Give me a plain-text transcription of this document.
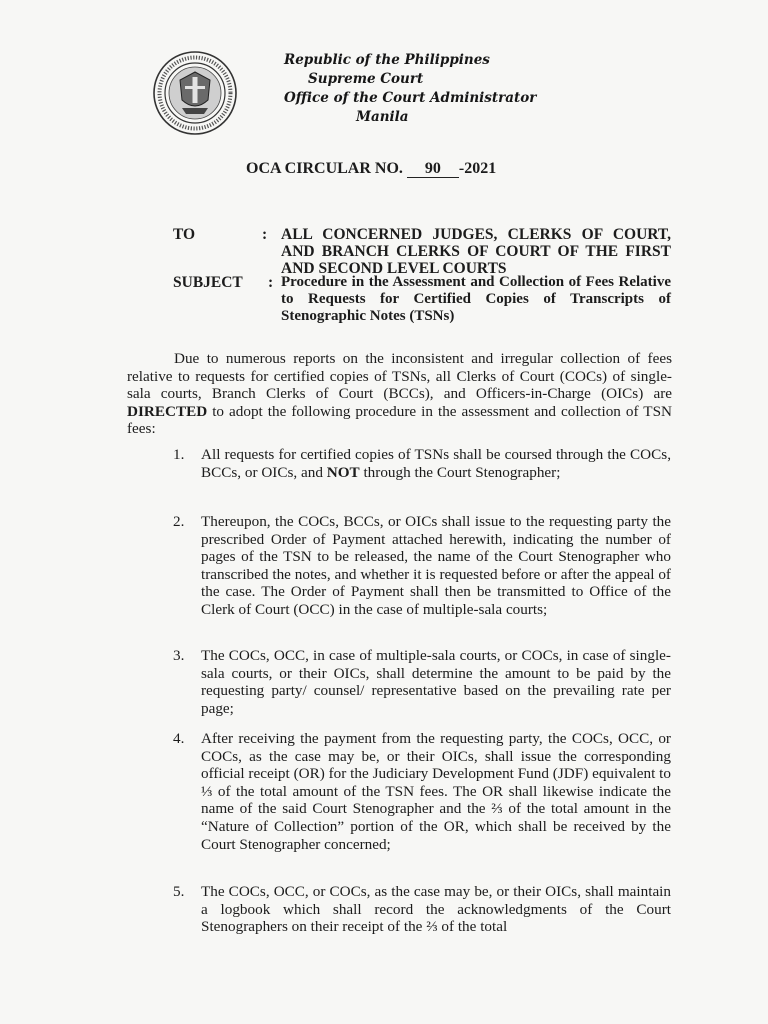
Republic of the Philippines
Supreme Court
Office of the Court Administrator
Manila
OCA CIRCULAR NO. 90 -2021
TO	: ALL CONCERNED JUDGES, CLERKS OF COURT, AND BRANCH CLERKS OF COURT OF THE FIRST AND SECOND LEVEL COURTS
SUBJECT : Procedure in the Assessment and Collection of Fees Relative to Requests for Certified Copies of Transcripts of Stenographic Notes (TSNs)
Due to numerous reports on the inconsistent and irregular collection of fees relative to requests for certified copies of TSNs, all Clerks of Court (COCs) of single-sala courts, Branch Clerks of Court (BCCs), and Officers-in-Charge (OICs) are DIRECTED to adopt the following procedure in the assessment and collection of TSN fees:
1. All requests for certified copies of TSNs shall be coursed through the COCs, BCCs, or OICs, and NOT through the Court Stenographer;
2. Thereupon, the COCs, BCCs, or OICs shall issue to the requesting party the prescribed Order of Payment attached herewith, indicating the number of pages of the TSN to be released, the name of the Court Stenographer who transcribed the notes, and whether it is requested before or after the appeal of the case. The Order of Payment shall then be transmitted to Office of the Clerk of Court (OCC) in the case of multiple-sala courts;
3. The COCs, OCC, in case of multiple-sala courts, or COCs, in case of single-sala courts, or their OICs, shall determine the amount to be paid by the requesting party/ counsel/ representative based on the prevailing rate per page;
4. After receiving the payment from the requesting party, the COCs, OCC, or COCs, as the case may be, or their OICs, shall issue the corresponding official receipt (OR) for the Judiciary Development Fund (JDF) equivalent to ⅓ of the total amount of the TSN fees. The OR shall likewise indicate the name of the said Court Stenographer and the ⅔ of the total amount in the “Nature of Collection” portion of the OR, which shall be received by the Court Stenographer concerned;
5. The COCs, OCC, or COCs, as the case may be, or their OICs, shall maintain a logbook which shall record the acknowledgments of the Court Stenographers on their receipt of the ⅔ of the total
